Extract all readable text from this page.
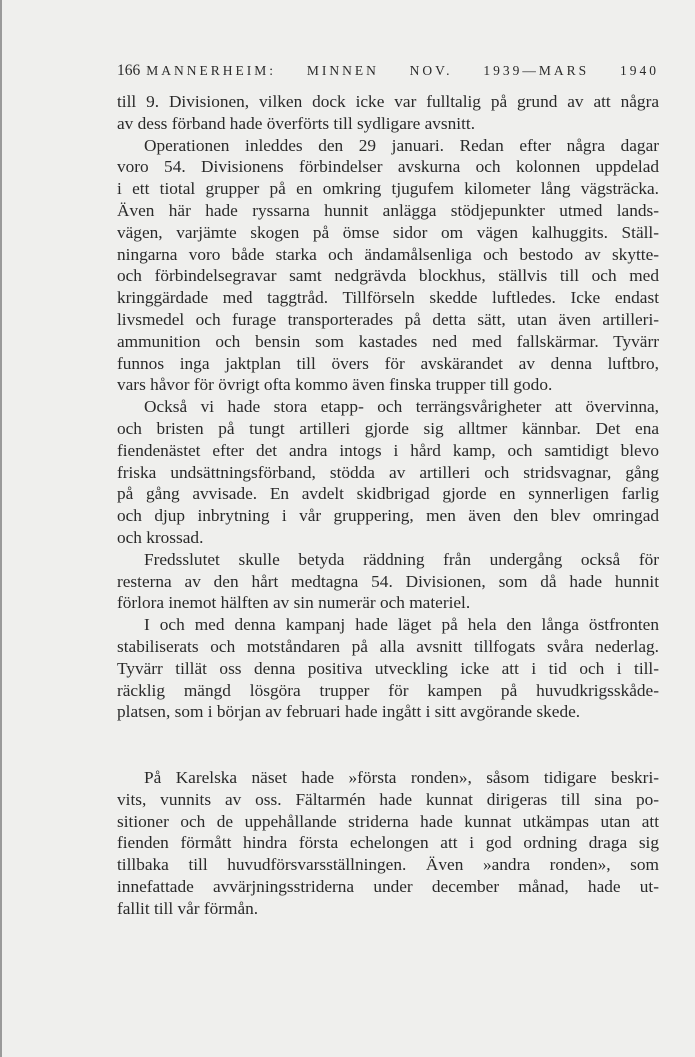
166 MANNERHEIM: MINNEN NOV. 1939—MARS 1940
till 9. Divisionen, vilken dock icke var fulltalig på grund av att några
av dess förband hade överförts till sydligare avsnitt.
Operationen inleddes den 29 januari. Redan efter några dagar
voro 54. Divisionens förbindelser avskurna och kolonnen uppdelad
i ett tiotal grupper på en omkring tjugufem kilometer lång vägsträcka.
Även här hade ryssarna hunnit anlägga stödjepunkter utmed lands-
vägen, varjämte skogen på ömse sidor om vägen kalhuggits. Ställ-
ningarna voro både starka och ändamålsenliga och bestodo av skytte-
och förbindelsegravar samt nedgrävda blockhus, ställvis till och med
kringgärdade med taggtråd. Tillförseln skedde luftledes. Icke endast
livsmedel och furage transporterades på detta sätt, utan även artilleri-
ammunition och bensin som kastades ned med fallskärmar. Tyvärr
funnos inga jaktplan till övers för avskärandet av denna luftbro,
vars håvor för övrigt ofta kommo även finska trupper till godo.
Också vi hade stora etapp- och terrängsvårigheter att övervinna,
och bristen på tungt artilleri gjorde sig alltmer kännbar. Det ena
fiendenästet efter det andra intogs i hård kamp, och samtidigt blevo
friska undsättningsförband, stödda av artilleri och stridsvagnar, gång
på gång avvisade. En avdelt skidbrigad gjorde en synnerligen farlig
och djup inbrytning i vår gruppering, men även den blev omringad
och krossad.
Fredsslutet skulle betyda räddning från undergång också för
resterna av den hårt medtagna 54. Divisionen, som då hade hunnit
förlora inemot hälften av sin numerär och materiel.
I och med denna kampanj hade läget på hela den långa östfronten
stabiliserats och motståndaren på alla avsnitt tillfogats svåra nederlag.
Tyvärr tillät oss denna positiva utveckling icke att i tid och i till-
räcklig mängd lösgöra trupper för kampen på huvudkrigsskåde-
platsen, som i början av februari hade ingått i sitt avgörande skede.
På Karelska näset hade »första ronden», såsom tidigare beskri-
vits, vunnits av oss. Fältarmén hade kunnat dirigeras till sina po-
sitioner och de uppehållande striderna hade kunnat utkämpas utan att
fienden förmått hindra första echelongen att i god ordning draga sig
tillbaka till huvudförsvarsställningen. Även »andra ronden», som
innefattade avvärjningsstriderna under december månad, hade ut-
fallit till vår förmån.
